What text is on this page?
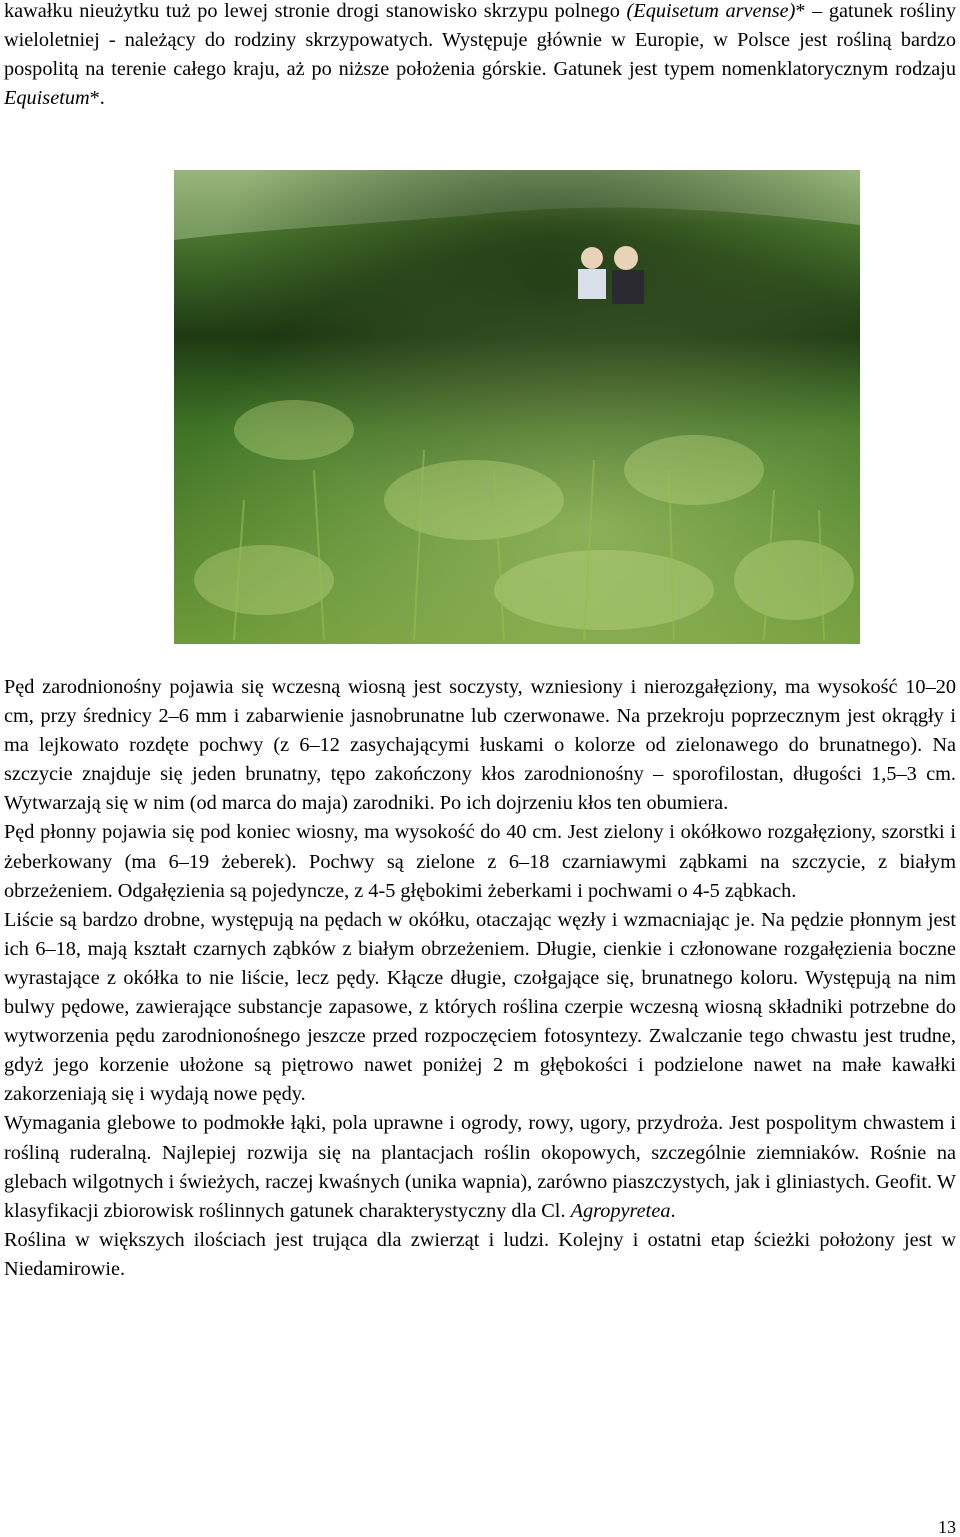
kawałku nieużytku tuż po lewej stronie drogi stanowisko skrzypu polnego (Equisetum arvense)* – gatunek rośliny wieloletniej - należący do rodziny skrzypowatych. Występuje głównie w Europie, w Polsce jest rośliną bardzo pospolitą na terenie całego kraju, aż po niższe położenia górskie. Gatunek jest typem nomenklatorycznym rodzaju Equisetum*.

Pęd zarodnionośny pojawia się wczesną wiosną jest soczysty, wzniesiony i nierozgałęziony, ma wysokość 10–20 cm, przy średnicy 2–6 mm i zabarwienie jasnobrunatne lub czerwonawe. Na przekroju poprzecznym jest okrągły i ma lejkowato rozdęte pochwy (z 6–12 zasychającymi łuskami o kolorze od zielonawego do brunatnego). Na szczycie znajduje się jeden brunatny, tępo zakończony kłos zarodnionośny – sporofilostan, długości 1,5–3 cm. Wytwarzają się w nim (od marca do maja) zarodniki. Po ich dojrzeniu kłos ten obumiera.

Pęd płonny pojawia się pod koniec wiosny, ma wysokość do 40 cm. Jest zielony i okółkowo rozgałęziony, szorstki i żeberkowany (ma 6–19 żeberek). Pochwy są zielone z 6–18 czarniawymi ząbkami na szczycie, z białym obrzeżeniem. Odgałęzienia są pojedyncze, z 4-5 głębokimi żeberkami i pochwami o 4-5 ząbkach.

Liście są bardzo drobne, występują na pędach w okółku, otaczając węzły i wzmacniając je. Na pędzie płonnym jest ich 6–18, mają kształt czarnych ząbków z białym obrzeżeniem. Długie, cienkie i członowane rozgałęzienia boczne wyrastające z okółka to nie liście, lecz pędy. Kłącze długie, czołgające się, brunatnego koloru. Występują na nim bulwy pędowe, zawierające substancje zapasowe, z których roślina czerpie wczesną wiosną składniki potrzebne do wytworzenia pędu zarodnionośnego jeszcze przed rozpoczęciem fotosyntezy. Zwalczanie tego chwastu jest trudne, gdyż jego korzenie ułożone są piętrowo nawet poniżej 2 m głębokości i podzielone nawet na małe kawałki zakorzeniają się i wydają nowe pędy.

Wymagania glebowe to podmokłe łąki, pola uprawne i ogrody, rowy, ugory, przydroża. Jest pospolitym chwastem i rośliną ruderalną. Najlepiej rozwija się na plantacjach roślin okopowych, szczególnie ziemniaków. Rośnie na glebach wilgotnych i świeżych, raczej kwaśnych (unika wapnia), zarówno piaszczystych, jak i gliniastych. Geofit. W klasyfikacji zbiorowisk roślinnych gatunek charakterystyczny dla Cl. Agropyretea.

Roślina w większych ilościach jest trująca dla zwierząt i ludzi. Kolejny i ostatni etap ścieżki położony jest w Niedamirowie.

13
